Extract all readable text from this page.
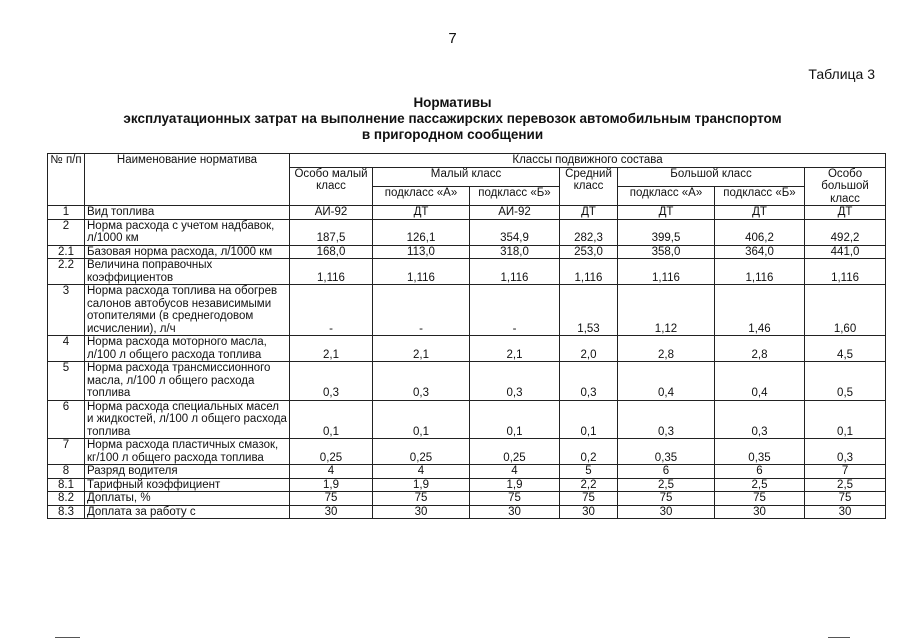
7
Таблица 3
Нормативы
эксплуатационных затрат на выполнение пассажирских перевозок автомобильным транспортом
в пригородном сообщении
№ п/п	Наименование норматива	Классы подвижного состава						
		Особо малый класс	Малый класс		Средний класс	Большой класс		Особо большой класс
			подкласс «А»	подкласс «Б»		подкласс «А»	подкласс «Б»	
1	Вид топлива	АИ-92	ДТ	АИ-92	ДТ	ДТ	ДТ	ДТ
2	Норма расхода с учетом надбавок, л/1000 км	187,5	126,1	354,9	282,3	399,5	406,2	492,2
2.1	Базовая норма расхода, л/1000 км	168,0	113,0	318,0	253,0	358,0	364,0	441,0
2.2	Величина поправочных коэффициентов	1,116	1,116	1,116	1,116	1,116	1,116	1,116
3	Норма расхода топлива на обогрев салонов автобусов независимыми отопителями (в среднегодовом исчислении), л/ч	-	-	-	1,53	1,12	1,46	1,60
4	Норма расхода моторного масла, л/100 л общего расхода топлива	2,1	2,1	2,1	2,0	2,8	2,8	4,5
5	Норма расхода трансмиссионного масла, л/100 л общего расхода топлива	0,3	0,3	0,3	0,3	0,4	0,4	0,5
6	Норма расхода специальных масел и жидкостей, л/100 л общего расхода топлива	0,1	0,1	0,1	0,1	0,3	0,3	0,1
7	Норма расхода пластичных смазок, кг/100 л общего расхода топлива	0,25	0,25	0,25	0,2	0,35	0,35	0,3
8	Разряд водителя	4	4	4	5	6	6	7
8.1	Тарифный коэффициент	1,9	1,9	1,9	2,2	2,5	2,5	2,5
8.2	Доплаты, %	75	75	75	75	75	75	75
8.3	Доплата за работу с	30	30	30	30	30	30	30
